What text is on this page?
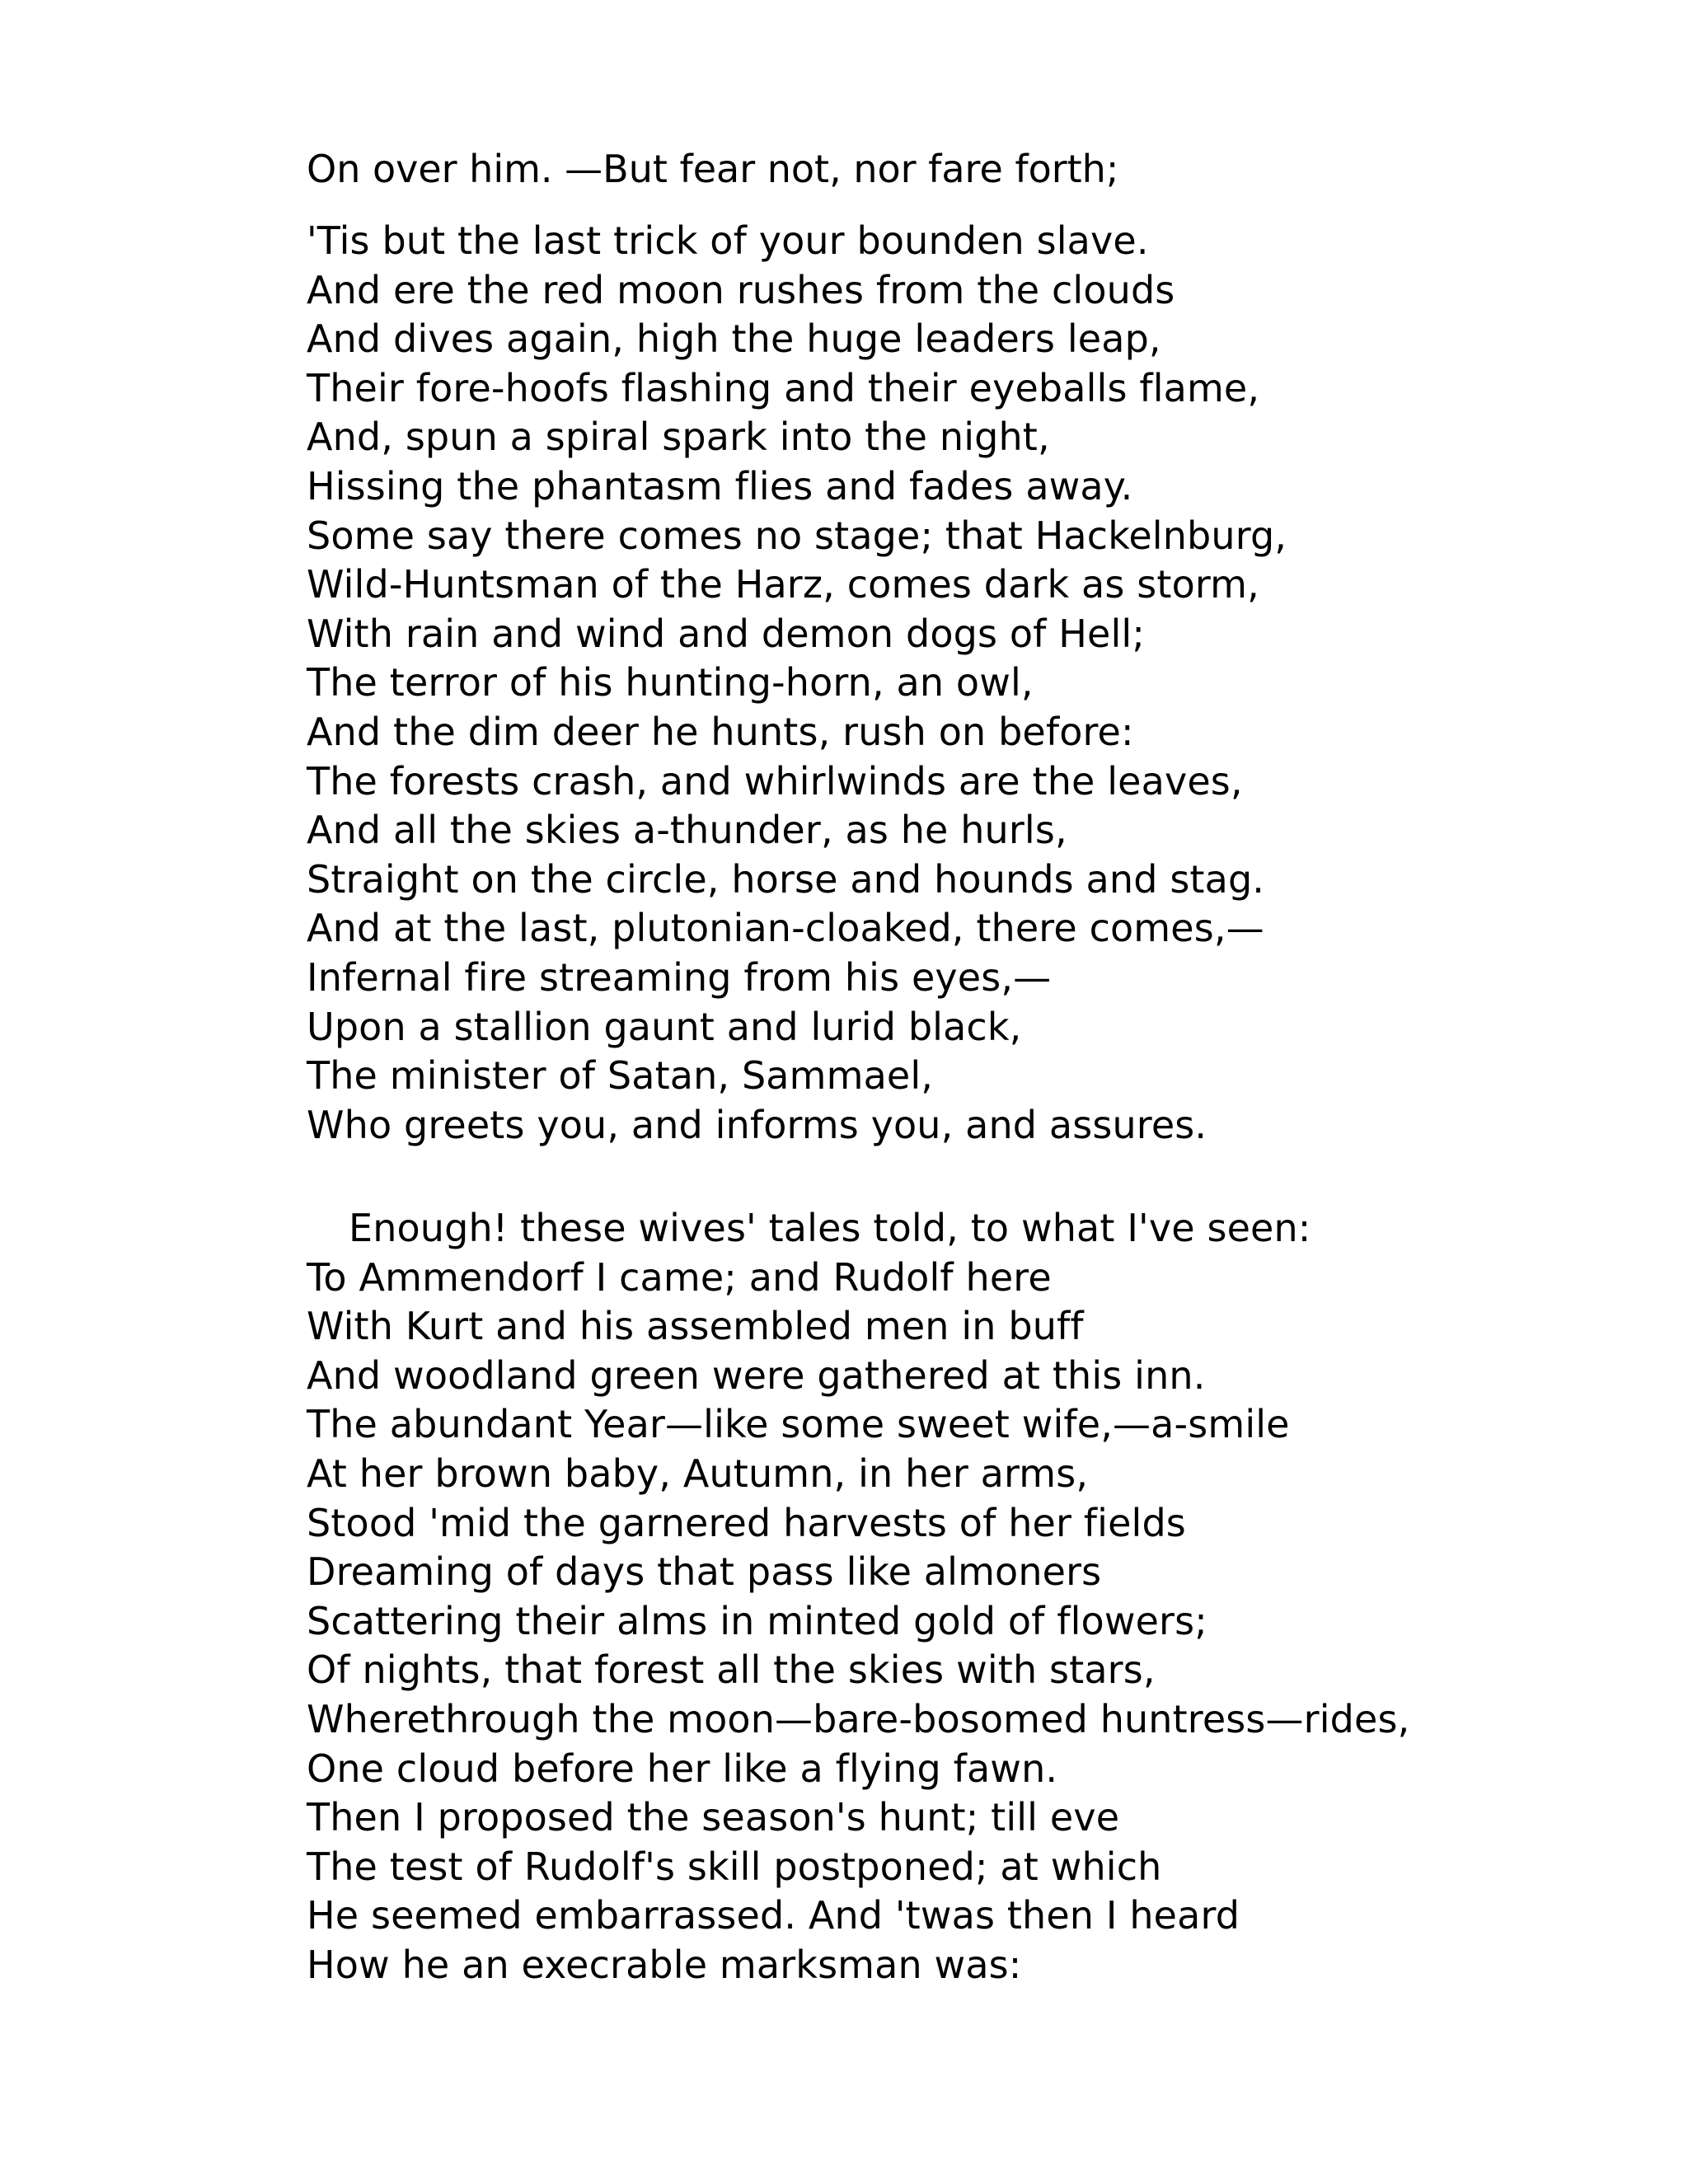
On over him. —But fear not, nor fare forth;
'Tis but the last trick of your bounden slave.
And ere the red moon rushes from the clouds
And dives again, high the huge leaders leap,
Their fore-hoofs flashing and their eyeballs flame,
And, spun a spiral spark into the night,
Hissing the phantasm flies and fades away.
Some say there comes no stage; that Hackelnburg,
Wild-Huntsman of the Harz, comes dark as storm,
With rain and wind and demon dogs of Hell;
The terror of his hunting-horn, an owl,
And the dim deer he hunts, rush on before:
The forests crash, and whirlwinds are the leaves,
And all the skies a-thunder, as he hurls,
Straight on the circle, horse and hounds and stag.
And at the last, plutonian-cloaked, there comes,—
Infernal fire streaming from his eyes,—
Upon a stallion gaunt and lurid black,
The minister of Satan, Sammael,
Who greets you, and informs you, and assures.
Enough! these wives' tales told, to what I've seen:
To Ammendorf I came; and Rudolf here
With Kurt and his assembled men in buff
And woodland green were gathered at this inn.
The abundant Year—like some sweet wife,—a-smile
At her brown baby, Autumn, in her arms,
Stood 'mid the garnered harvests of her fields
Dreaming of days that pass like almoners
Scattering their alms in minted gold of flowers;
Of nights, that forest all the skies with stars,
Wherethrough the moon—bare-bosomed huntress—rides,
One cloud before her like a flying fawn.
Then I proposed the season's hunt; till eve
The test of Rudolf's skill postponed; at which
He seemed embarrassed. And 'twas then I heard
How he an execrable marksman was:
